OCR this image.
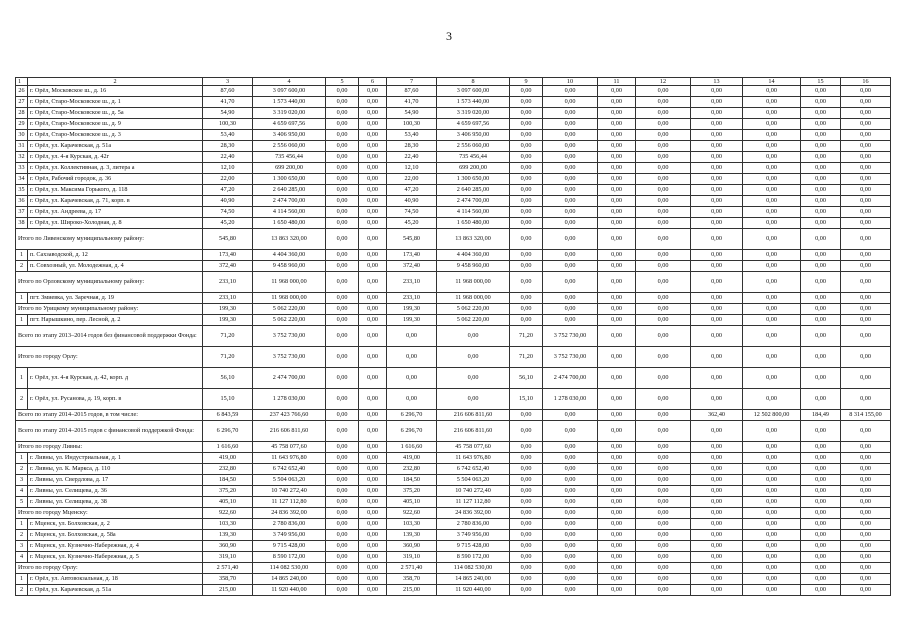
3
1	2	3	4	5	6	7	8	9	10	11	12	13	14	15	16
26	г. Орёл, Московское ш., д. 16	87,60	3 097 600,00	0,00	0,00	87,60	3 097 600,00	0,00	0,00	0,00	0,00	0,00	0,00	0,00	0,00
27	г. Орёл, Старо-Московское ш., д. 1	41,70	1 573 440,00	0,00	0,00	41,70	1 573 440,00	0,00	0,00	0,00	0,00	0,00	0,00	0,00	0,00
28	г. Орёл, Старо-Московское ш., д. 5а	54,90	3 319 020,00	0,00	0,00	54,90	3 319 020,00	0,00	0,00	0,00	0,00	0,00	0,00	0,00	0,00
29	г. Орёл, Старо-Московское ш., д. 9	100,30	4 659 697,56	0,00	0,00	100,30	4 659 697,56	0,00	0,00	0,00	0,00	0,00	0,00	0,00	0,00
30	г. Орёл, Старо-Московское ш., д. 3	53,40	3 406 950,00	0,00	0,00	53,40	3 406 950,00	0,00	0,00	0,00	0,00	0,00	0,00	0,00	0,00
31	г. Орёл, ул. Карачевская, д. 51а	28,30	2 556 060,00	0,00	0,00	28,30	2 556 060,00	0,00	0,00	0,00	0,00	0,00	0,00	0,00	0,00
32	г. Орёл, ул. 4-я Курская, д. 42г	22,40	735 456,44	0,00	0,00	22,40	735 456,44	0,00	0,00	0,00	0,00	0,00	0,00	0,00	0,00
33	г. Орёл, ул. Коллективная, д. 3, литера а	12,10	699 200,00	0,00	0,00	12,10	699 200,00	0,00	0,00	0,00	0,00	0,00	0,00	0,00	0,00
34	г. Орёл, Рабочий городок, д. 36	22,00	1 300 650,00	0,00	0,00	22,00	1 300 650,00	0,00	0,00	0,00	0,00	0,00	0,00	0,00	0,00
35	г. Орёл, ул. Максима Горького, д. 118	47,20	2 640 285,00	0,00	0,00	47,20	2 640 285,00	0,00	0,00	0,00	0,00	0,00	0,00	0,00	0,00
36	г. Орёл, ул. Карачевская, д. 71, корп. в	40,90	2 474 700,00	0,00	0,00	40,90	2 474 700,00	0,00	0,00	0,00	0,00	0,00	0,00	0,00	0,00
37	г. Орёл, ул. Андреева, д. 17	74,50	4 114 560,00	0,00	0,00	74,50	4 114 560,00	0,00	0,00	0,00	0,00	0,00	0,00	0,00	0,00
38	г. Орёл, ул. Широко-Холодная, д. 8	45,20	1 650 480,00	0,00	0,00	45,20	1 650 480,00	0,00	0,00	0,00	0,00	0,00	0,00	0,00	0,00
Итого по Ливенскому муниципальному району:		545,80	13 863 320,00	0,00	0,00	545,80	13 863 320,00	0,00	0,00	0,00	0,00	0,00	0,00	0,00	0,00
1	п. Сахзаводской, д. 12	173,40	4 404 360,00	0,00	0,00	173,40	4 404 360,00	0,00	0,00	0,00	0,00	0,00	0,00	0,00	0,00
2	п. Совхозный, ул. Молодежная, д. 4	372,40	9 458 960,00	0,00	0,00	372,40	9 458 960,00	0,00	0,00	0,00	0,00	0,00	0,00	0,00	0,00
Итого по Орловскому муниципальному району:		233,10	11 968 000,00	0,00	0,00	233,10	11 968 000,00	0,00	0,00	0,00	0,00	0,00	0,00	0,00	0,00
1	пгт. Змиевка, ул. Заречная, д. 19	233,10	11 968 000,00	0,00	0,00	233,10	11 968 000,00	0,00	0,00	0,00	0,00	0,00	0,00	0,00	0,00
Итого по Урицкому муниципальному району:		199,30	5 062 220,00	0,00	0,00	199,30	5 062 220,00	0,00	0,00	0,00	0,00	0,00	0,00	0,00	0,00
1	пгт. Нарышкино, пер. Лесной, д. 2	199,30	5 062 220,00	0,00	0,00	199,30	5 062 220,00	0,00	0,00	0,00	0,00	0,00	0,00	0,00	0,00
Всего по этапу 2013–2014 годов без финансовой поддержки Фонда:		71,20	3 752 730,00	0,00	0,00	0,00	0,00	71,20	3 752 730,00	0,00	0,00	0,00	0,00	0,00	0,00
Итого по городу Орлу:		71,20	3 752 730,00	0,00	0,00	0,00	0,00	71,20	3 752 730,00	0,00	0,00	0,00	0,00	0,00	0,00
1	г. Орёл, ул. 4-я Курская, д. 42, корп. д	56,10	2 474 700,00	0,00	0,00	0,00	0,00	56,10	2 474 700,00	0,00	0,00	0,00	0,00	0,00	0,00
2	г. Орёл, ул. Русанова, д. 19, корп. в	15,10	1 278 030,00	0,00	0,00	0,00	0,00	15,10	1 278 030,00	0,00	0,00	0,00	0,00	0,00	0,00
Всего по этапу 2014–2015 годов, в том числе:		6 843,59	237 423 766,60	0,00	0,00	6 296,70	216 606 811,60	0,00	0,00	0,00	0,00	362,40	12 502 800,00	184,49	8 314 155,00
Всего по этапу 2014–2015 годов с финансовой поддержкой Фонда:		6 296,70	216 606 811,60	0,00	0,00	6 296,70	216 606 811,60	0,00	0,00	0,00	0,00	0,00	0,00	0,00	0,00
Итого по городу Ливны:		1 616,60	45 758 077,60	0,00	0,00	1 616,60	45 758 077,60	0,00	0,00	0,00	0,00	0,00	0,00	0,00	0,00
1	г. Ливны, ул. Индустриальная, д. 1	419,00	11 643 976,80	0,00	0,00	419,00	11 643 976,80	0,00	0,00	0,00	0,00	0,00	0,00	0,00	0,00
2	г. Ливны, ул. К. Маркса, д. 110	232,80	6 742 652,40	0,00	0,00	232,80	6 742 652,40	0,00	0,00	0,00	0,00	0,00	0,00	0,00	0,00
3	г. Ливны, ул. Свердлова, д. 17	184,50	5 504 063,20	0,00	0,00	184,50	5 504 063,20	0,00	0,00	0,00	0,00	0,00	0,00	0,00	0,00
4	г. Ливны, ул. Селищева, д. 36	375,20	10 740 272,40	0,00	0,00	375,20	10 740 272,40	0,00	0,00	0,00	0,00	0,00	0,00	0,00	0,00
5	г. Ливны, ул. Селищева, д. 38	405,10	11 127 112,80	0,00	0,00	405,10	11 127 112,80	0,00	0,00	0,00	0,00	0,00	0,00	0,00	0,00
Итого по городу Мценску:		922,60	24 836 392,00	0,00	0,00	922,60	24 836 392,00	0,00	0,00	0,00	0,00	0,00	0,00	0,00	0,00
1	г. Мценск, ул. Болховская, д. 2	103,30	2 780 836,00	0,00	0,00	103,30	2 780 836,00	0,00	0,00	0,00	0,00	0,00	0,00	0,00	0,00
2	г. Мценск, ул. Болховская, д. 58а	139,30	3 749 956,00	0,00	0,00	139,30	3 749 956,00	0,00	0,00	0,00	0,00	0,00	0,00	0,00	0,00
3	г. Мценск, ул. Кузнечно-Набережная, д. 4	360,90	9 715 428,00	0,00	0,00	360,90	9 715 428,00	0,00	0,00	0,00	0,00	0,00	0,00	0,00	0,00
4	г. Мценск, ул. Кузнечно-Набережная, д. 5	319,10	8 590 172,00	0,00	0,00	319,10	8 590 172,00	0,00	0,00	0,00	0,00	0,00	0,00	0,00	0,00
Итого по городу Орлу:		2 571,40	114 082 530,00	0,00	0,00	2 571,40	114 082 530,00	0,00	0,00	0,00	0,00	0,00	0,00	0,00	0,00
1	г. Орёл, ул. Автовокзальная, д. 18	358,70	14 865 240,00	0,00	0,00	358,70	14 865 240,00	0,00	0,00	0,00	0,00	0,00	0,00	0,00	0,00
2	г. Орёл, ул. Карачевская, д. 51а	215,00	11 920 440,00	0,00	0,00	215,00	11 920 440,00	0,00	0,00	0,00	0,00	0,00	0,00	0,00	0,00
